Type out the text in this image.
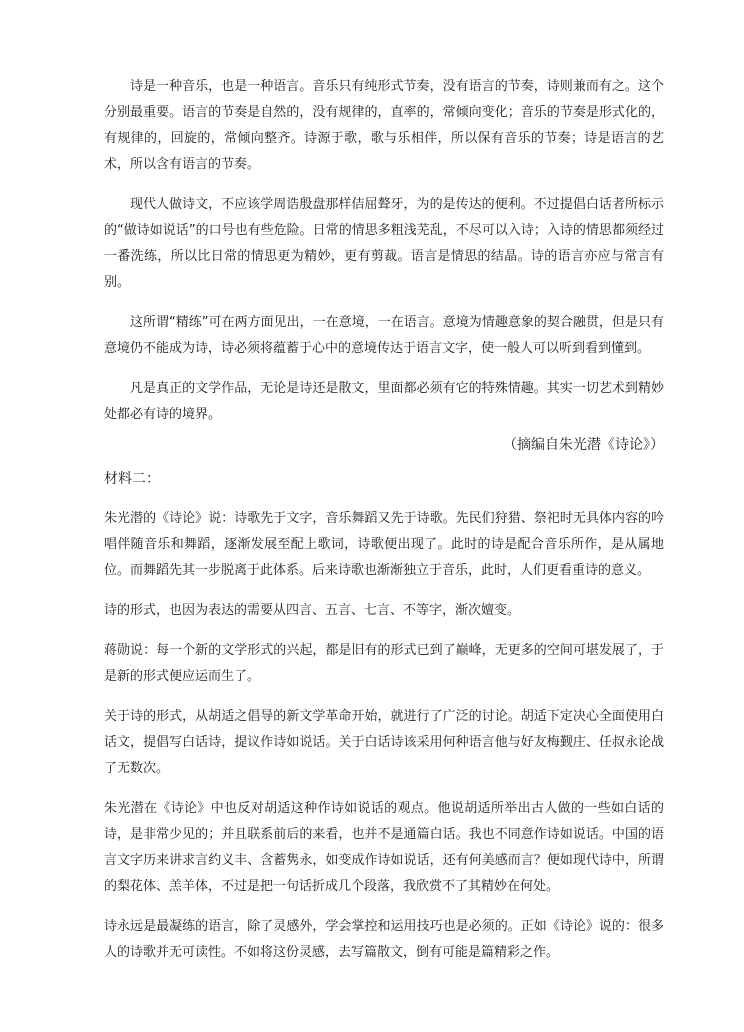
诗是一种音乐，也是一种语言。音乐只有纯形式节奏，没有语言的节奏，诗则兼而有之。这个分别最重要。语言的节奏是自然的，没有规律的，直率的，常倾向变化；音乐的节奏是形式化的，有规律的，回旋的，常倾向整齐。诗源于歌，歌与乐相伴，所以保有音乐的节奏；诗是语言的艺术，所以含有语言的节奏。

现代人做诗文，不应该学周诰殷盘那样佶屈聱牙，为的是传达的便利。不过提倡白话者所标示的“做诗如说话”的口号也有些危险。日常的情思多粗浅芜乱，不尽可以入诗；入诗的情思都须经过一番洗练，所以比日常的情思更为精妙，更有剪裁。语言是情思的结晶。诗的语言亦应与常言有别。

这所谓“精练”可在两方面见出，一在意境，一在语言。意境为情趣意象的契合融贯，但是只有意境仍不能成为诗，诗必须将蕴蓄于心中的意境传达于语言文字，使一般人可以听到看到懂到。

凡是真正的文学作品，无论是诗还是散文，里面都必须有它的特殊情趣。其实一切艺术到精妙处都必有诗的境界。

（摘编自朱光潜《诗论》）

材料二：

朱光潜的《诗论》说：诗歌先于文字，音乐舞蹈又先于诗歌。先民们狩猎、祭祀时无具体内容的吟唱伴随音乐和舞蹈，逐渐发展至配上歌词，诗歌便出现了。此时的诗是配合音乐所作，是从属地位。而舞蹈先其一步脱离于此体系。后来诗歌也渐渐独立于音乐，此时，人们更看重诗的意义。

诗的形式，也因为表达的需要从四言、五言、七言、不等字，渐次嬗变。

蒋勋说：每一个新的文学形式的兴起，都是旧有的形式已到了巅峰，无更多的空间可堪发展了，于是新的形式便应运而生了。

关于诗的形式，从胡适之倡导的新文学革命开始，就进行了广泛的讨论。胡适下定决心全面使用白话文，提倡写白话诗，提议作诗如说话。关于白话诗该采用何种语言他与好友梅觐庄、任叔永论战了无数次。

朱光潜在《诗论》中也反对胡适这种作诗如说话的观点。他说胡适所举出古人做的一些如白话的诗，是非常少见的；并且联系前后的来看，也并不是通篇白话。我也不同意作诗如说话。中国的语言文字历来讲求言约义丰、含蓄隽永，如变成作诗如说话，还有何美感而言？便如现代诗中，所谓的梨花体、羔羊体，不过是把一句话折成几个段落，我欣赏不了其精妙在何处。

诗永远是最凝练的语言，除了灵感外，学会掌控和运用技巧也是必须的。正如《诗论》说的：很多人的诗歌并无可读性。不如将这份灵感，去写篇散文，倒有可能是篇精彩之作。
